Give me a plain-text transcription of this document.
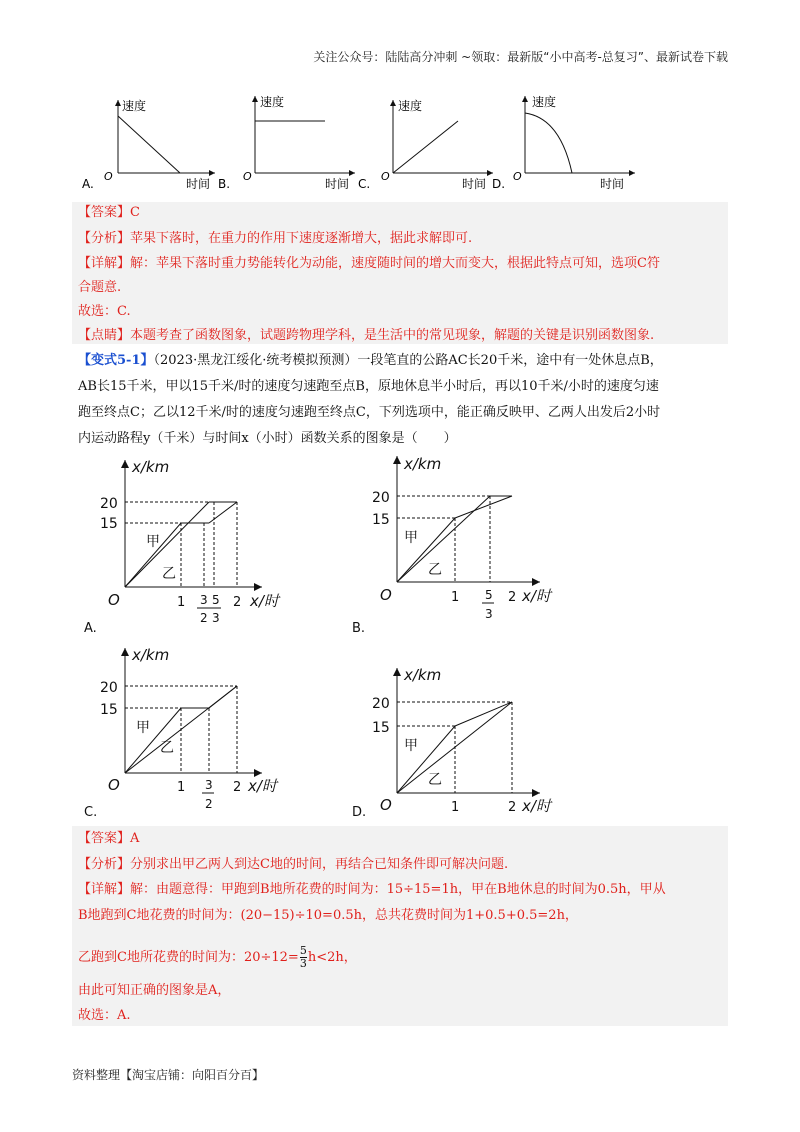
关注公众号：陆陆高分冲刺 ~领取：最新版“小中高考-总复习”、最新试卷下载
速度
O
时间
A.
速度
O
时间
B.
速度
O
时间
C.
速度
O
时间
D.
【答案】C
【分析】苹果下落时，在重力的作用下速度逐渐增大，据此求解即可.
【详解】解：苹果下落时重力势能转化为动能，速度随时间的增大而变大，根据此特点可知，选项C符
合题意.
故选：C.
【点睛】本题考查了函数图象，试题跨物理学科，是生活中的常见现象，解题的关键是识别函数图象.
【变式5-1】（2023·黑龙江绥化·统考模拟预测）一段笔直的公路AC长20千米，途中有一处休息点B，
AB长15千米，甲以15千米/时的速度匀速跑至点B，原地休息半小时后，再以10千米/小时的速度匀速
跑至终点C；乙以12千米/时的速度匀速跑至终点C，下列选项中，能正确反映甲、乙两人出发后2小时
内运动路程y（千米）与时间x（小时）函数关系的图象是（　　）
x/km
20
15
甲
乙
O	1 3
2
5
3
2 x/时
A.
x/km
20
15
甲
乙
O	1 5
3
2 x/时
B.
x/km
20
15
甲
乙
O	1 3
2
2 x/时
C.
x/km
20
15
甲
乙
O	1	2 x/时
D.
【答案】A
【分析】分别求出甲乙两人到达C地的时间，再结合已知条件即可解决问题.
【详解】解：由题意得：甲跑到B地所花费的时间为：15÷15=1h，甲在B地休息的时间为0.5h，甲从
B地跑到C地花费的时间为：(20−15)÷10=0.5h，总共花费时间为1+0.5+0.5=2h，
乙跑到C地所花费的时间为：$20\div 12= \frac{5}{3} h<2h$，
由此可知正确的图象是A，
故选：A.
资料整理【淘宝店铺：向阳百分百】
